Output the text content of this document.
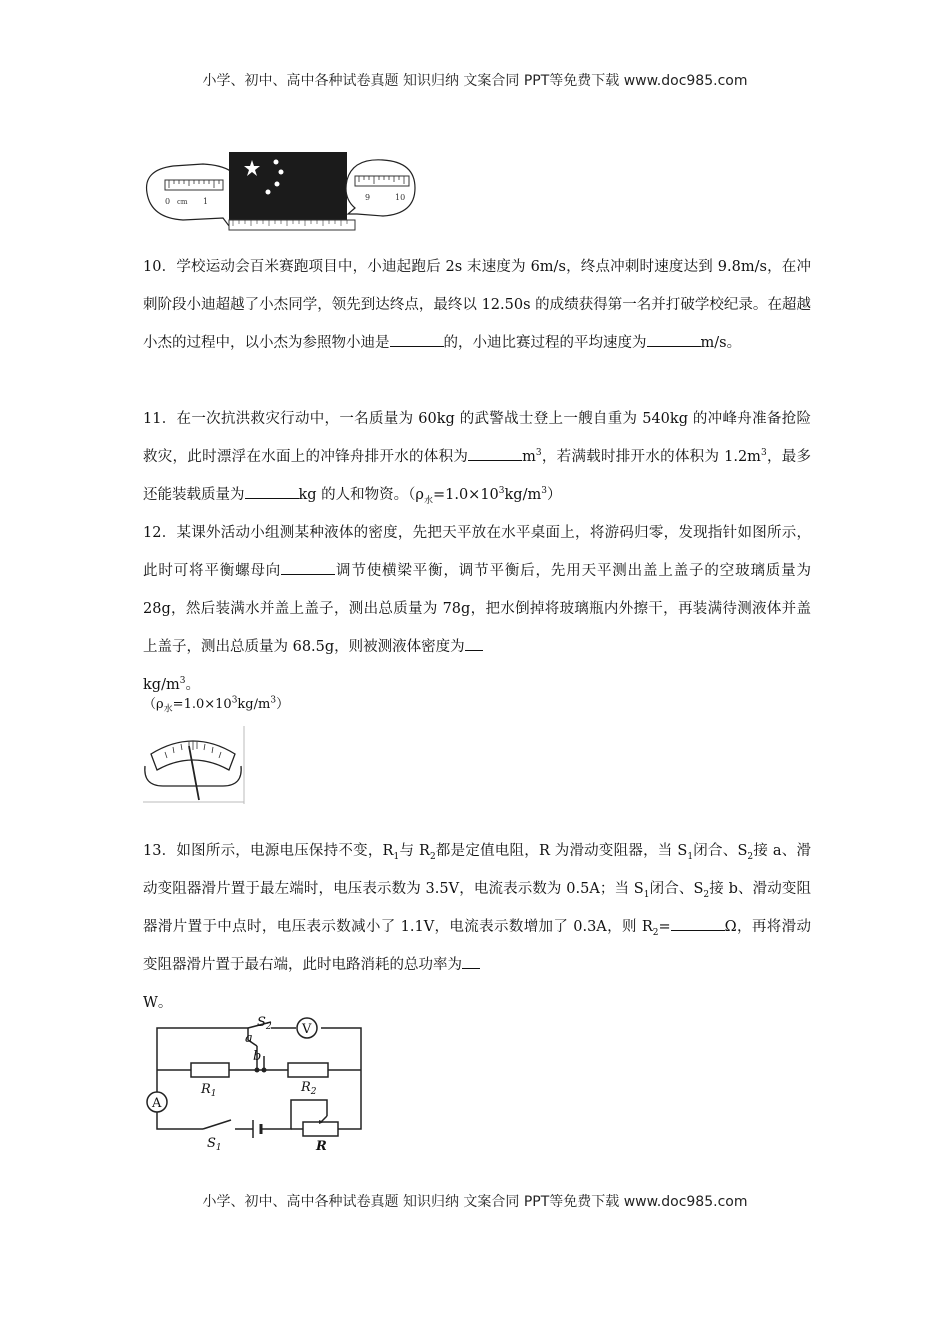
小学、初中、高中各种试卷真题 知识归纳 文案合同 PPT等免费下载 www.doc985.com
0 cm 1	9	10
10．学校运动会百米赛跑项目中，小迪起跑后 2s 末速度为 6m/s，终点冲刺时速度达到 9.8m/s，在冲刺阶段小迪超越了小杰同学，领先到达终点，最终以 12.50s 的成绩获得第一名并打破学校纪录。在超越小杰的过程中，以小杰为参照物小迪是	的，小迪比赛过程的平均速度为	m/s。
11．在一次抗洪救灾行动中，一名质量为 60kg 的武警战士登上一艘自重为 540kg 的冲峰舟准备抢险救灾，此时漂浮在水面上的冲锋舟排开水的体积为	$m^3$，若满载时排开水的体积为 $1.2m^3$，最多还能装载质量为	kg 的人和物资。$(\rho_水=1.0\times 10^3kg/m^3)$
12．某课外活动小组测某种液体的密度，先把天平放在水平桌面上，将游码归零，发现指针如图所示，此时可将平衡螺母向	调节使横梁平衡，调节平衡后，先用天平测出盖上盖子的空玻璃质量为 28g，然后装满水并盖上盖子，测出总质量为 78g，把水倒掉将玻璃瓶内外擦干，再装满待测液体并盖上盖子，测出总质量为 68.5g，则被测液体密度为
$kg/m^3$。
$(\rho_水=1.0\times 10^3kg/m^3)$
13．如图所示，电源电压保持不变，$R_1$与 $R_2$都是定值电阻，R 为滑动变阻器，当 $S_1$闭合、$S_2$接 a、滑动变阻器滑片置于最左端时，电压表示数为 3.5V，电流表示数为 0.5A；当 $S_1$闭合、$S_2$接 b、滑动变阻器滑片置于中点时，电压表示数减小了 1.1V，电流表示数增加了 0.3A，则 $R_2=$	Ω，再将滑动变阻器滑片置于最右端，此时电路消耗的总功率为
W。
V
A
$S_2$
a
b
$R_1$	$R_2$
$S_1$	R
小学、初中、高中各种试卷真题 知识归纳 文案合同 PPT等免费下载 www.doc985.com
